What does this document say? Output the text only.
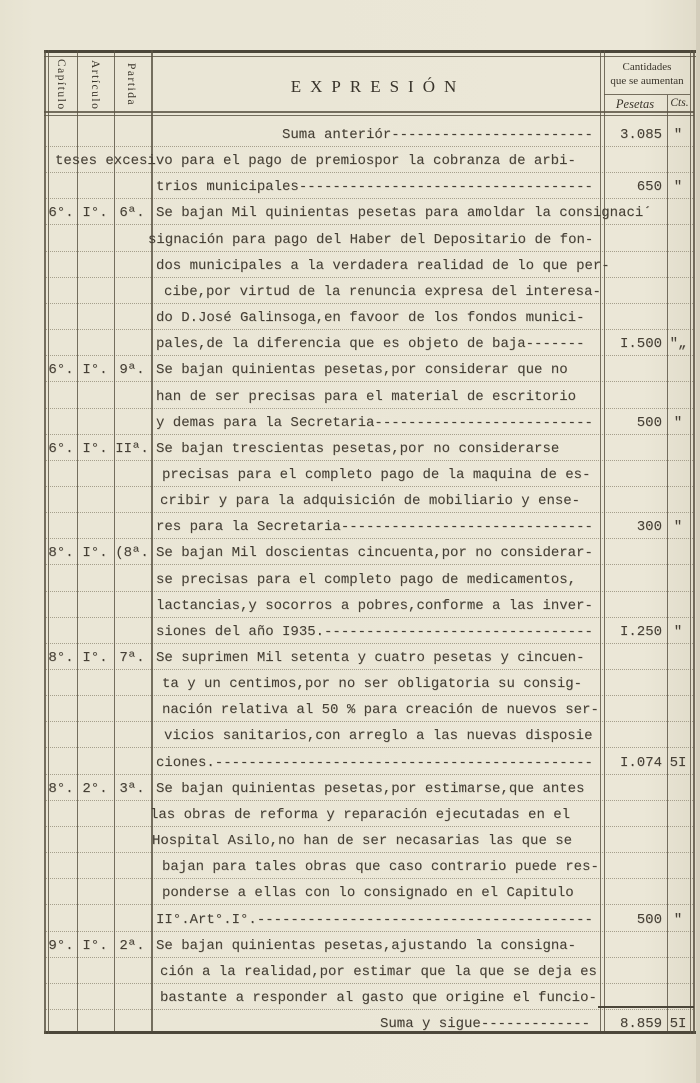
Capítulo Artículo Partida	EXPRESIÓN
Cantidades
que se aumentan
Pesetas	Cts.
Suma anteriór------------------------	3.085 "
teses excesivo para el pago de premiospor la cobranza de arbi-
trios municipales-----------------------------------	650 "
6°. I°. 6ª. Se bajan Mil quinientas pesetas para amoldar la consignaci´
signación para pago del Haber del Depositario de fon-
dos municipales a la verdadera realidad de lo que per-
cibe,por virtud de la renuncia expresa del interesa-
do D.José Galinsoga,en favoor de los fondos munici-
pales,de la diferencia que es objeto de baja-------	I.500 "„
6°. I°. 9ª. Se bajan quinientas pesetas,por considerar que no
han de ser precisas para el material de escritorio
y demas para la Secretaria--------------------------	500 "
6°. I°. IIª. Se bajan trescientas pesetas,por no considerarse
precisas para el completo pago de la maquina de es-
cribir y para la adquisición de mobiliario y ense-
res para la Secretaria------------------------------	300 "
8°. I°. (8ª. Se bajan Mil doscientas cincuenta,por no considerar-
se precisas para el completo pago de medicamentos,
lactancias,y socorros a pobres,conforme a las inver-
siones del año I935.--------------------------------	I.250 "
8°. I°. 7ª. Se suprimen Mil setenta y cuatro pesetas y cincuen-
ta y un centimos,por no ser obligatoria su consig-
nación relativa al 50 % para creación de nuevos ser-
vicios sanitarios,con arreglo a las nuevas disposie
ciones.---------------------------------------------	I.074 5I
8°. 2°. 3ª. Se bajan quinientas pesetas,por estimarse,que antes
las obras de reforma y reparación ejecutadas en el
Hospital Asilo,no han de ser necasarias las que se
bajan para tales obras que caso contrario puede res-
ponderse a ellas con lo consignado en el Capitulo
II°.Art°.I°.----------------------------------------	500 "
9°. I°. 2ª. Se bajan quinientas pesetas,ajustando la consigna-
ción a la realidad,por estimar que la que se deja es
bastante a responder al gasto que origine el funcio-
Suma y sigue-------------	8.859 5I
